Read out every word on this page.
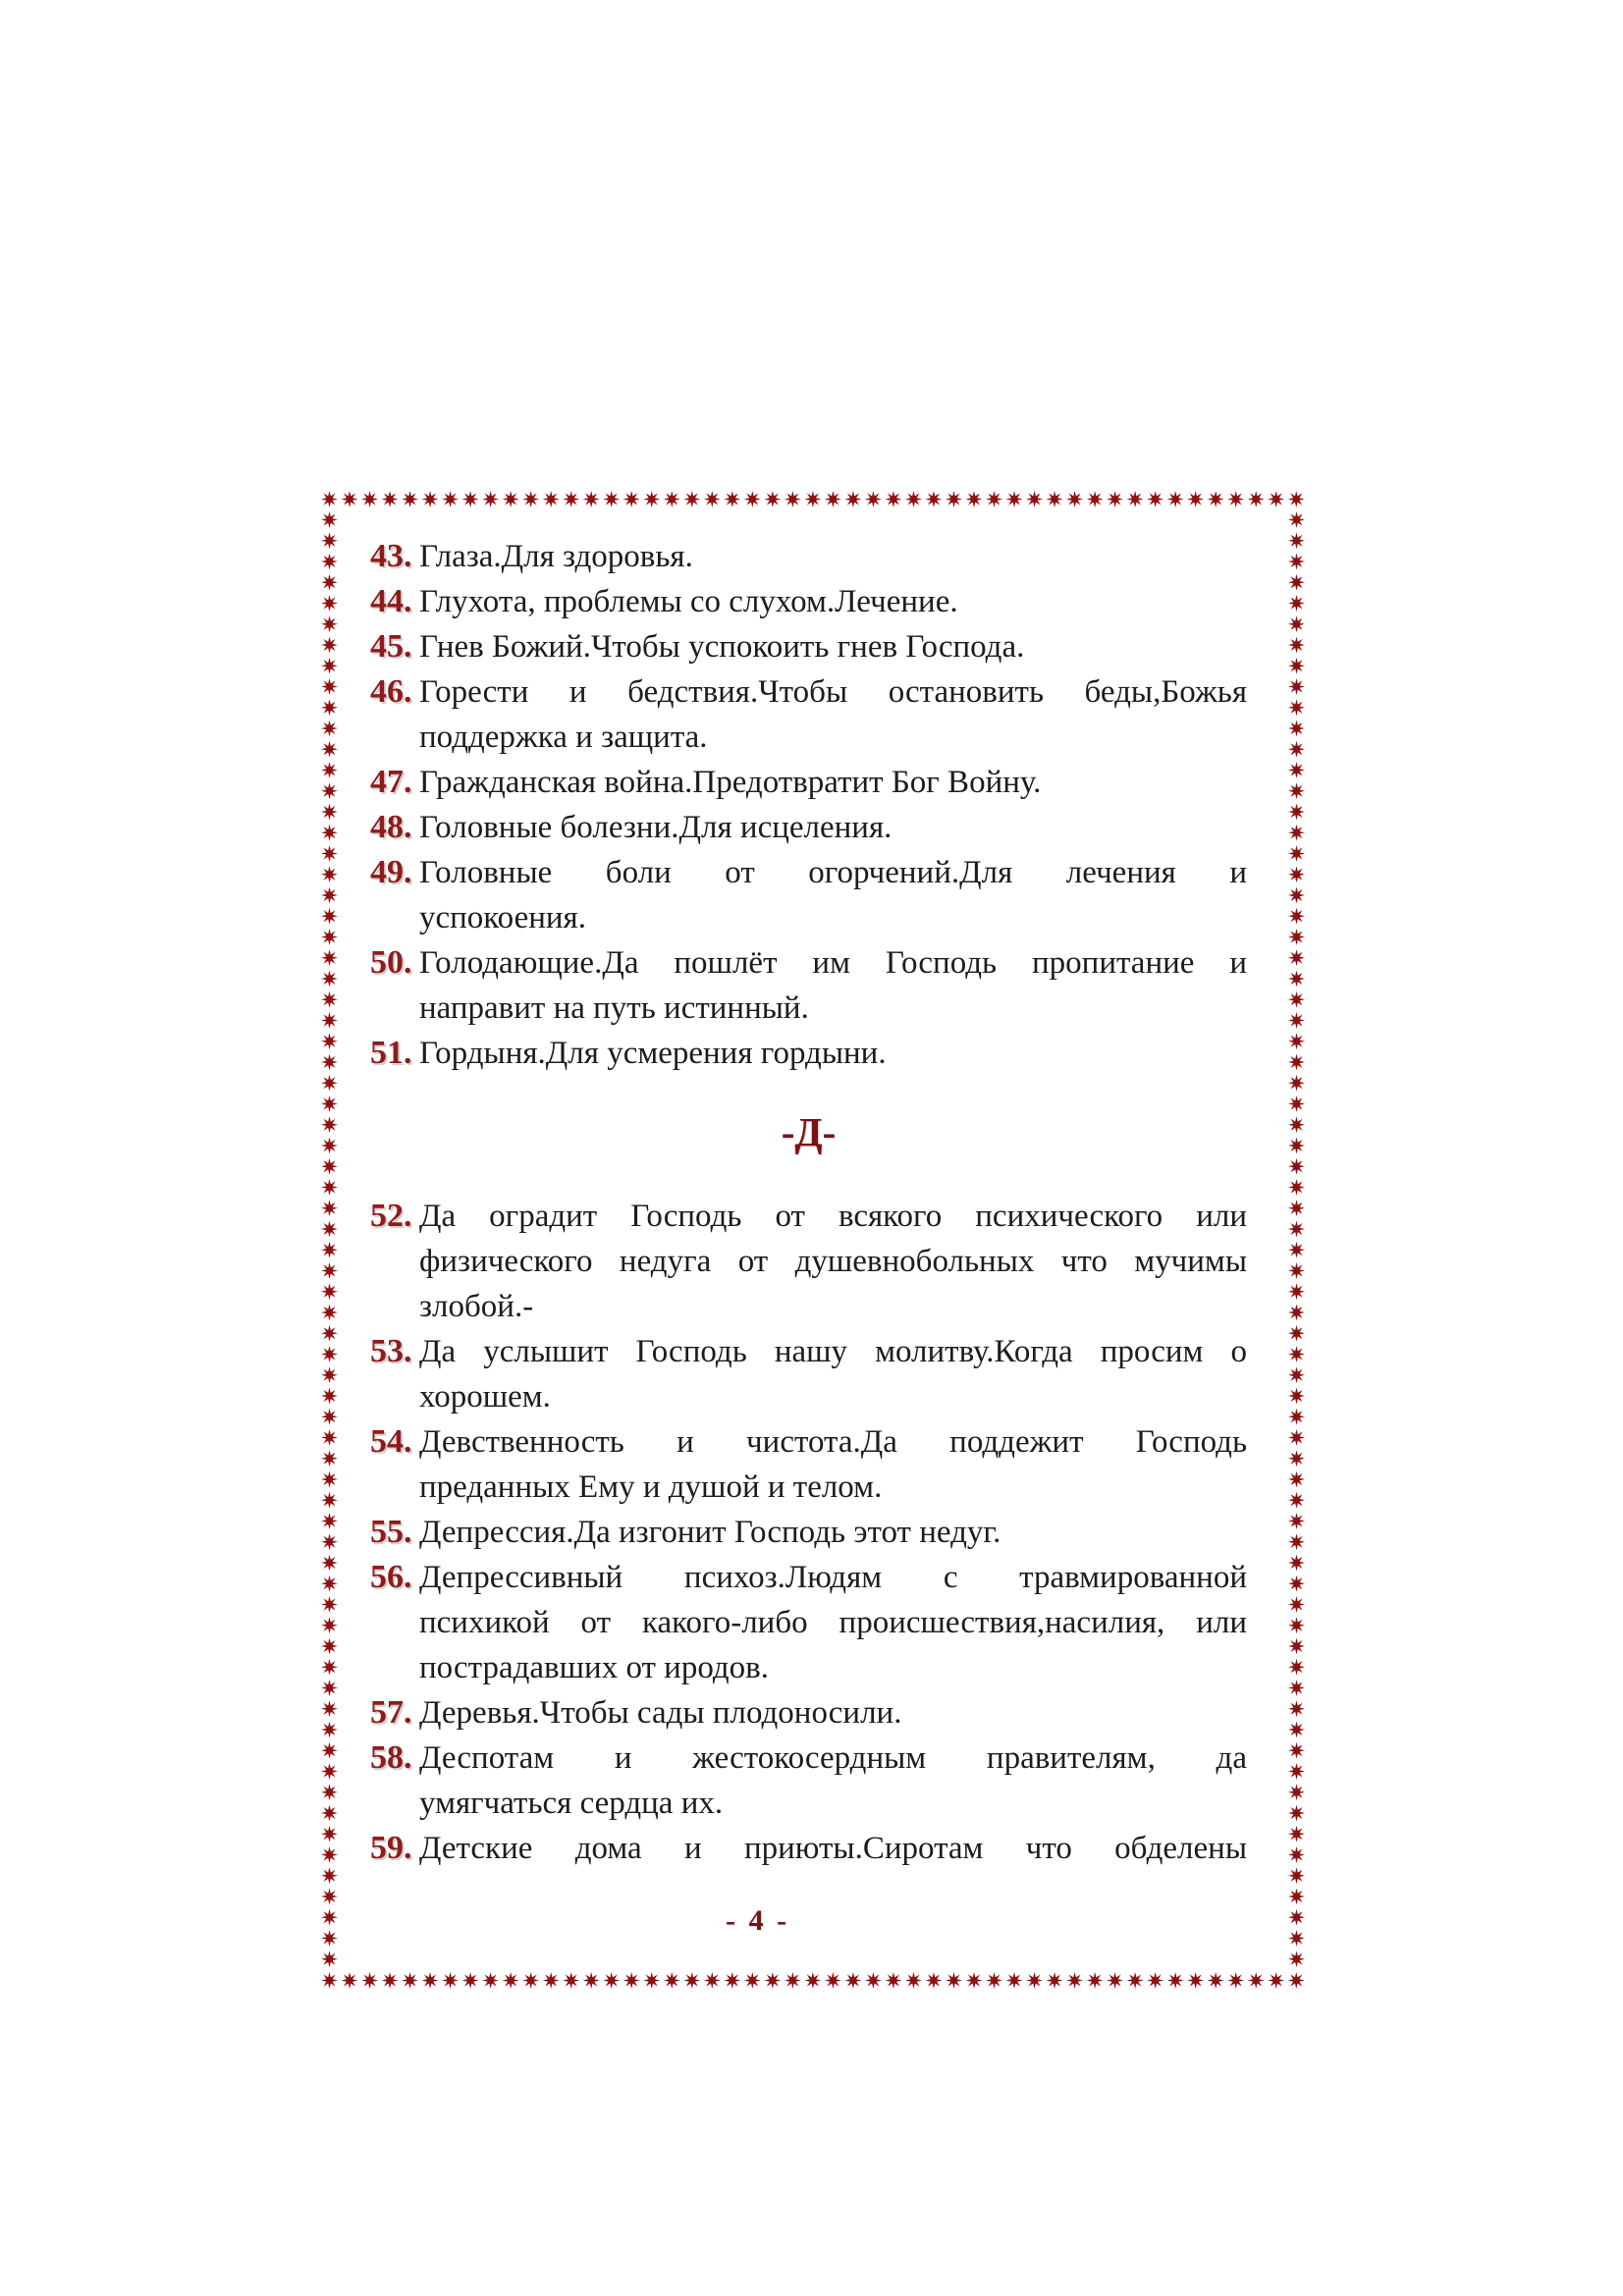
43. Глаза.Для здоровья.
44. Глухота, проблемы со слухом.Лечение.
45. Гнев Божий.Чтобы успокоить гнев Господа.
46. Горести и бедствия.Чтобы остановить беды,Божья
поддержка и защита.
47. Гражданская война.Предотвратит Бог Войну.
48. Головные болезни.Для исцеления.
49. Головные боли от огорчений.Для лечения и
успокоения.
50. Голодающие.Да пошлёт им Господь пропитание и
направит на путь истинный.
51. Гордыня.Для усмерения гордыни.
-Д-
52. Да оградит Господь от всякого психического или
физического недуга от душевнобольных что мучимы
злобой.-
53. Да услышит Господь нашу молитву.Когда просим о
хорошем.
54. Девственность и чистота.Да поддежит Господь
преданных Ему и душой и телом.
55. Депрессия.Да изгонит Господь этот недуг.
56. Депрессивный психоз.Людям с травмированной
психикой от какого-либо происшествия,насилия, или
пострадавших от иродов.
57. Деревья.Чтобы сады плодоносили.
58. Деспотам и жестокосердным правителям, да
умягчаться сердца их.
59. Детские дома и приюты.Сиротам что обделены
- 4 -
